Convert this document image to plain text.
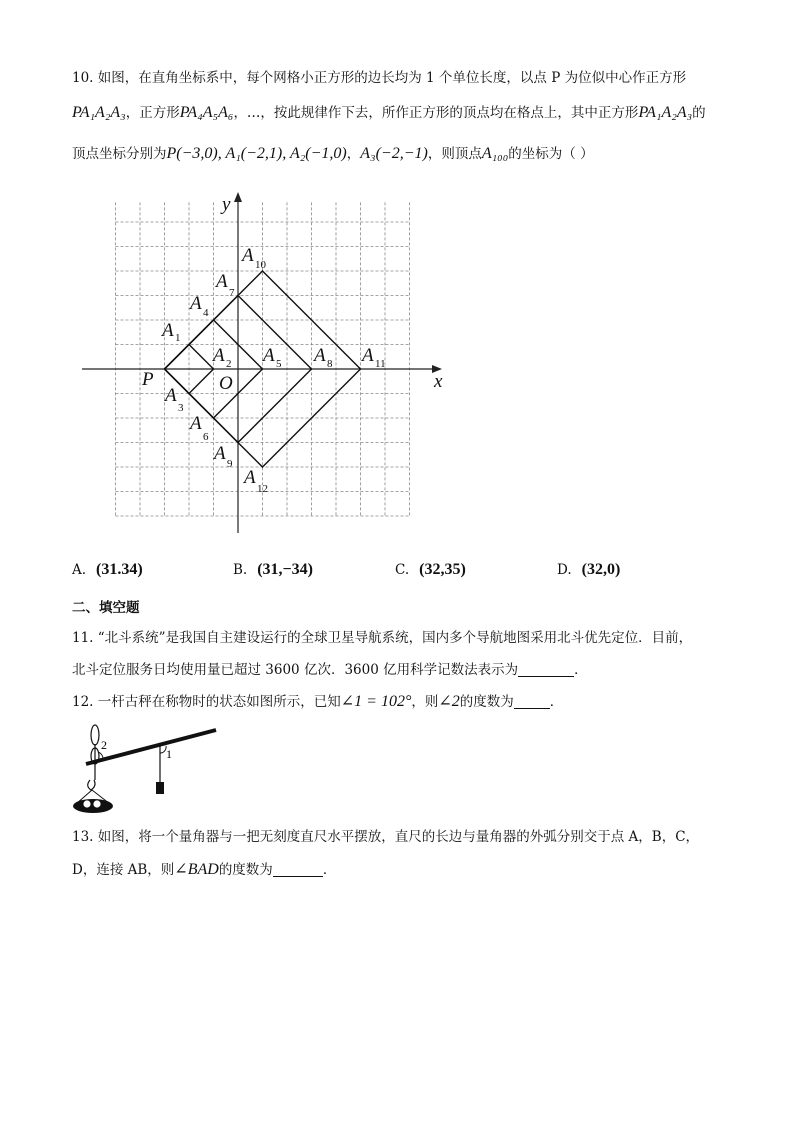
10. 如图，在直角坐标系中，每个网格小正方形的边长均为 1 个单位长度，以点 P 为位似中心作正方形
PA₁A₂A₃，正方形PA₄A₅A₆，…，按此规律作下去，所作正方形的顶点均在格点上，其中正方形PA₁A₂A₃的
顶点坐标分别为P(−3,0), A₁(−2,1), A₂(−1,0)，A₃(−2,−1)，则顶点A₁₀₀的坐标为（ ）
x
y
O
P
A 1
A 2
A
3
A 4
A 5
A
6
A
7
A 8
A 9
A 10
A 11
A
12
A. (31.34)	B. (31,−34)	C. (32,35)	D. (32,0)
二、填空题
11. “北斗系统”是我国自主建设运行的全球卫星导航系统，国内多个导航地图采用北斗优先定位．目前，
北斗定位服务日均使用量已超过 3600 亿次．3600 亿用科学记数法表示为	．
12. 一杆古秤在称物时的状态如图所示，已知∠1 = 102°，则∠2的度数为	．
1
2
13. 如图，将一个量角器与一把无刻度直尺水平摆放，直尺的长边与量角器的外弧分别交于点 A，B，C，
D，连接 AB，则∠BAD的度数为	．
